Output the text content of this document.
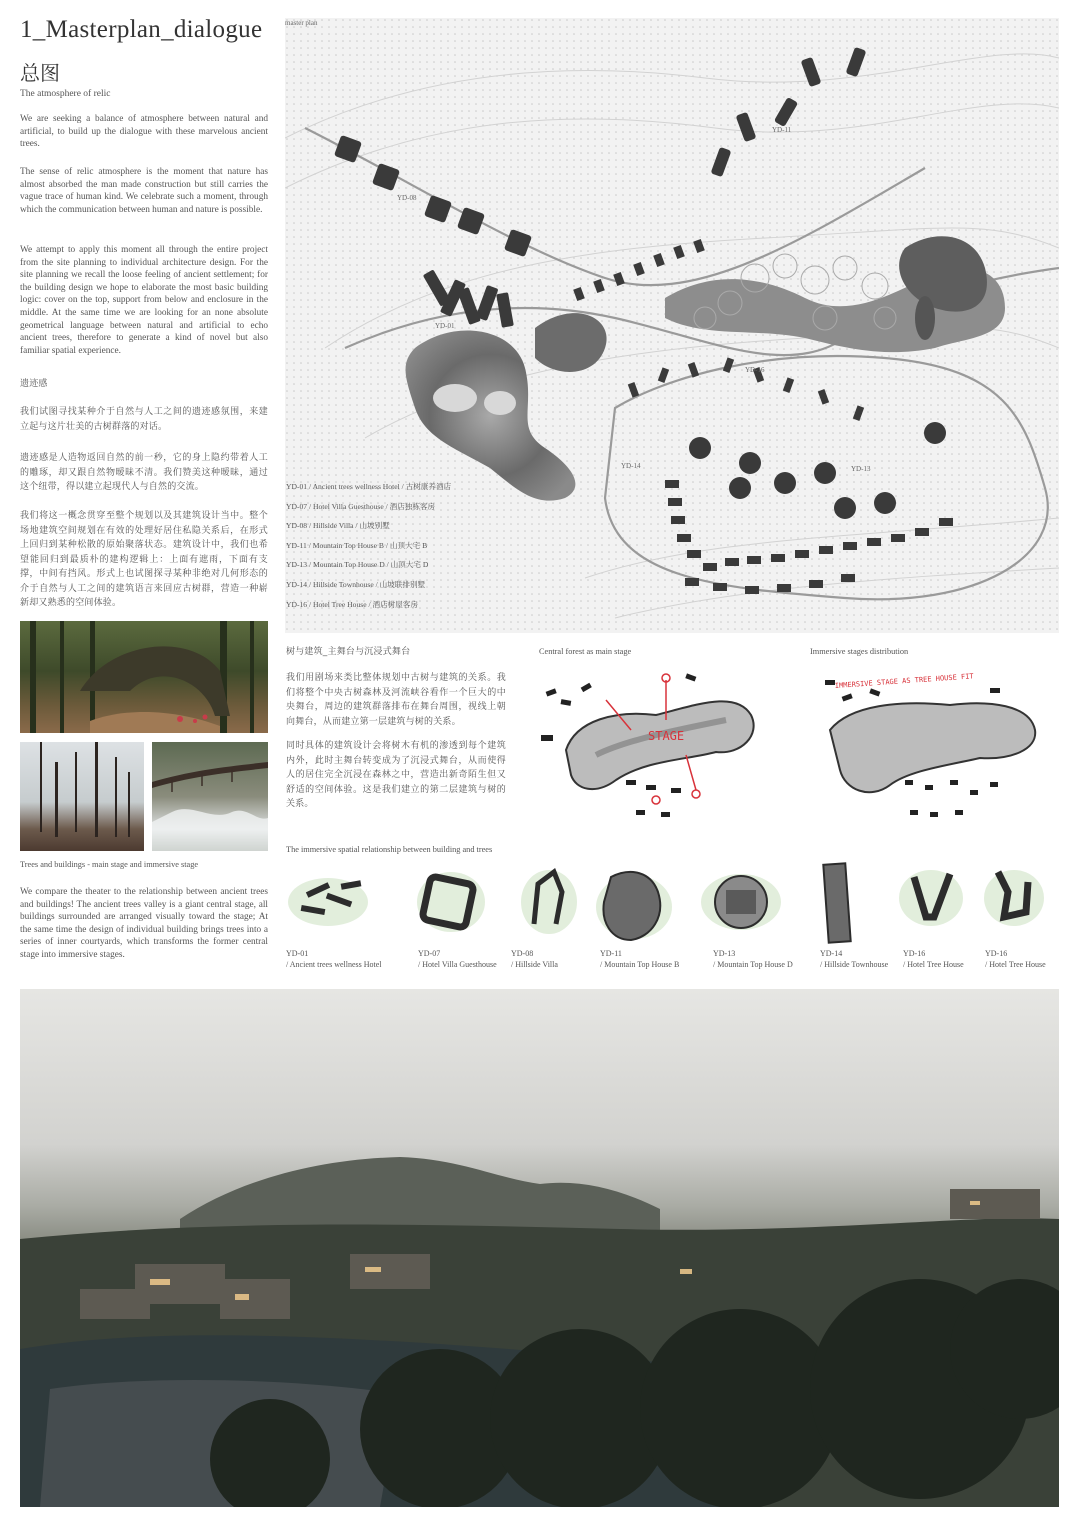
1_Masterplan_dialogue
总图
The atmosphere of relic
We are seeking a balance of atmosphere between natural and artificial, to build up the dialogue with these marvelous ancient trees.
The sense of relic atmosphere is the moment that nature has almost absorbed the man made construction but still carries the vague trace of human kind. We celebrate such a moment, through which the communication between human and nature is possible.
We attempt to apply this moment all through the entire project from the site planning to individual architecture design. For the site planning we recall the loose feeling of ancient settlement; for the building design we hope to elaborate the most basic building logic: cover on the top, support from below and enclosure in the middle. At the same time we are looking for an none absolute geometrical language between natural and artificial to echo ancient trees, therefore to generate a kind of novel but also familiar spatial experience.
遗迹感
我们试图寻找某种介于自然与人工之间的遗迹感氛围，来建立起与这片壮美的古树群落的对话。
遗迹感是人造物返回自然的前一秒，它的身上隐约带着人工的雕琢，却又跟自然物暧昧不清。我们赞美这种暧昧，通过这个纽带，得以建立起现代人与自然的交流。
我们将这一概念贯穿至整个规划以及其建筑设计当中。整个场地建筑空间规划在有效的处理好居住私隐关系后，在形式上回归到某种松散的原始聚落状态。建筑设计中，我们也希望能回归到最质朴的建构逻辑上：上面有遮雨，下面有支撑，中间有挡风。形式上也试图探寻某种非绝对几何形态的介于自然与人工之间的建筑语言来回应古树群，营造一种崭新却又熟悉的空间体验。
master plan
YD-01
YD-08
YD-11
YD-16
YD-14	YD-13
YD-01 / Ancient trees wellness Hotel / 古树康养酒店
YD-07 / Hotel Villa Guesthouse / 酒店独栋客房
YD-08 / Hillside Villa / 山坡别墅
YD-11 / Mountain Top House B / 山顶大宅 B
YD-13 / Mountain Top House D / 山顶大宅 D
YD-14 / Hillside Townhouse / 山坡联排别墅
YD-16 / Hotel Tree House / 酒店树屋客房
Trees and buildings - main stage and immersive stage
We compare the theater to the relationship between ancient trees and buildings! The ancient trees valley is a giant central stage, all buildings surrounded are arranged visually toward the stage; At the same time the design of individual building brings trees into a series of inner courtyards, which transforms the former central stage into immersive stages.
树与建筑_主舞台与沉浸式舞台
我们用剧场来类比整体规划中古树与建筑的关系。我们将整个中央古树森林及河流峡谷看作一个巨大的中央舞台，周边的建筑群落排布在舞台周围，视线上朝向舞台，从而建立第一层建筑与树的关系。
同时具体的建筑设计会将树木有机的渗透到每个建筑内外，此时主舞台转变成为了沉浸式舞台，从而使得人的居住完全沉浸在森林之中，营造出新奇陌生但又舒适的空间体验。这是我们建立的第二层建筑与树的关系。
Central forest as main stage	Immersive stages distribution
STAGE
IMMERSIVE STAGE AS TREE HOUSE FIT
The immersive spatial relationship between building and trees
YD-01
/ Ancient trees wellness Hotel
YD-07
/ Hotel Villa Guesthouse
YD-08
/ Hillside Villa
YD-11
/ Mountain Top House B
YD-13
/ Mountain Top House D
YD-14
/ Hillside Townhouse
YD-16
/ Hotel Tree House
YD-16
/ Hotel Tree House
